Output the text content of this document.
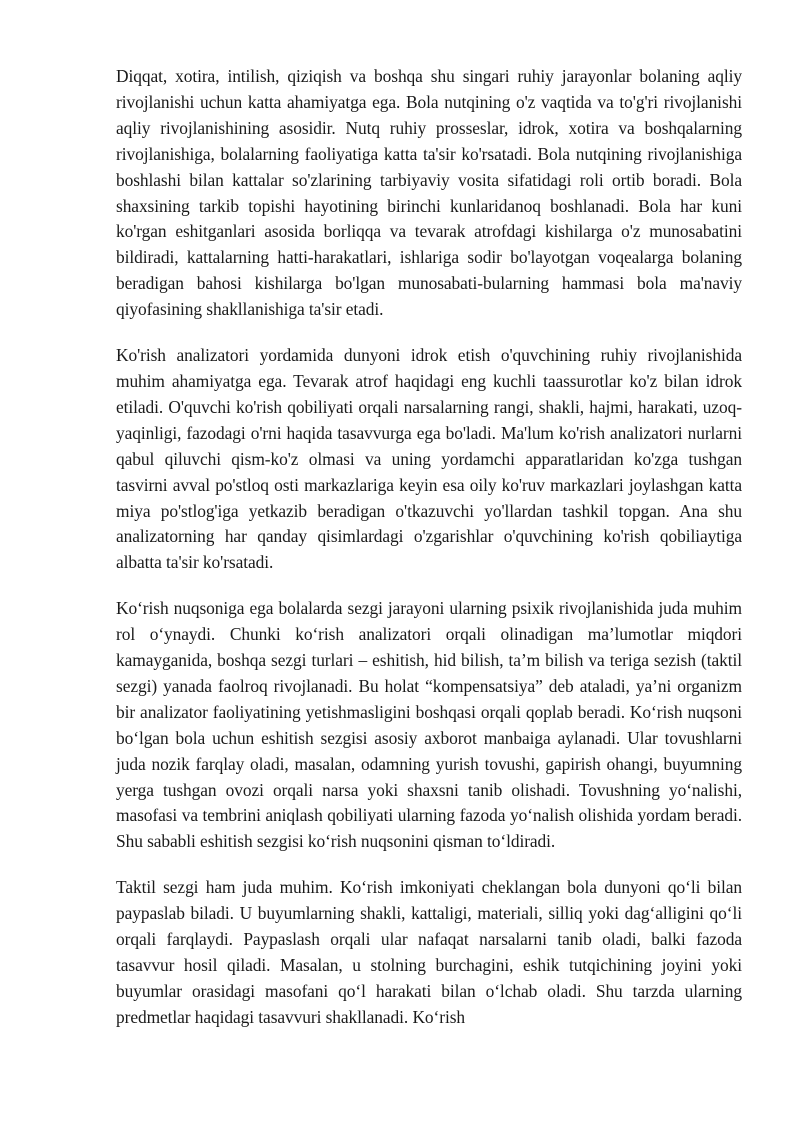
Diqqat, xotira, intilish, qiziqish va boshqa shu singari ruhiy jarayonlar bolaning aqliy rivojlanishi uchun katta ahamiyatga ega. Bola nutqining o'z vaqtida va to'g'ri rivojlanishi aqliy rivojlanishining asosidir. Nutq ruhiy prosseslar, idrok, xotira va boshqalarning rivojlanishiga, bolalarning faoliyatiga katta ta'sir ko'rsatadi. Bola nutqining rivojlanishiga boshlashi bilan kattalar so'zlarining tarbiyaviy vosita sifatidagi roli ortib boradi. Bola shaxsining tarkib topishi hayotining birinchi kunlaridanoq boshlanadi. Bola har kuni ko'rgan eshitganlari asosida borliqqa va tevarak atrofdagi kishilarga o'z munosabatini bildiradi, kattalarning hatti-harakatlari, ishlariga sodir bo'layotgan voqealarga bolaning beradigan bahosi kishilarga bo'lgan munosabati-bularning hammasi bola ma'naviy qiyofasining shakllanishiga ta'sir etadi.

Ko'rish analizatori yordamida dunyoni idrok etish o'quvchining ruhiy rivojlanishida muhim ahamiyatga ega. Tevarak atrof haqidagi eng kuchli taassurotlar ko'z bilan idrok etiladi. O'quvchi ko'rish qobiliyati orqali narsalarning rangi, shakli, hajmi, harakati, uzoq-yaqinligi, fazodagi o'rni haqida tasavvurga ega bo'ladi. Ma'lum ko'rish analizatori nurlarni qabul qiluvchi qism-ko'z olmasi va uning yordamchi apparatlaridan ko'zga tushgan tasvirni avval po'stloq osti markazlariga keyin esa oily ko'ruv markazlari joylashgan katta miya po'stlog'iga yetkazib beradigan o'tkazuvchi yo'llardan tashkil topgan. Ana shu analizatorning har qanday qisimlardagi o'zgarishlar o'quvchining ko'rish qobiliaytiga albatta ta'sir ko'rsatadi.

Ko‘rish nuqsoniga ega bolalarda sezgi jarayoni ularning psixik rivojlanishida juda muhim rol o‘ynaydi. Chunki ko‘rish analizatori orqali olinadigan ma’lumotlar miqdori kamayganida, boshqa sezgi turlari – eshitish, hid bilish, ta’m bilish va teriga sezish (taktil sezgi) yanada faolroq rivojlanadi. Bu holat “kompensatsiya” deb ataladi, ya’ni organizm bir analizator faoliyatining yetishmasligini boshqasi orqali qoplab beradi. Ko‘rish nuqsoni bo‘lgan bola uchun eshitish sezgisi asosiy axborot manbaiga aylanadi. Ular tovushlarni juda nozik farqlay oladi, masalan, odamning yurish tovushi, gapirish ohangi, buyumning yerga tushgan ovozi orqali narsa yoki shaxsni tanib olishadi. Tovushning yo‘nalishi, masofasi va tembrini aniqlash qobiliyati ularning fazoda yo‘nalish olishida yordam beradi. Shu sababli eshitish sezgisi ko‘rish nuqsonini qisman to‘ldiradi.

Taktil sezgi ham juda muhim. Ko‘rish imkoniyati cheklangan bola dunyoni qo‘li bilan paypaslab biladi. U buyumlarning shakli, kattaligi, materiali, silliq yoki dag‘alligini qo‘li orqali farqlaydi. Paypaslash orqali ular nafaqat narsalarni tanib oladi, balki fazoda tasavvur hosil qiladi. Masalan, u stolning burchagini, eshik tutqichining joyini yoki buyumlar orasidagi masofani qo‘l harakati bilan o‘lchab oladi. Shu tarzda ularning predmetlar haqidagi tasavvuri shakllanadi. Ko‘rish
